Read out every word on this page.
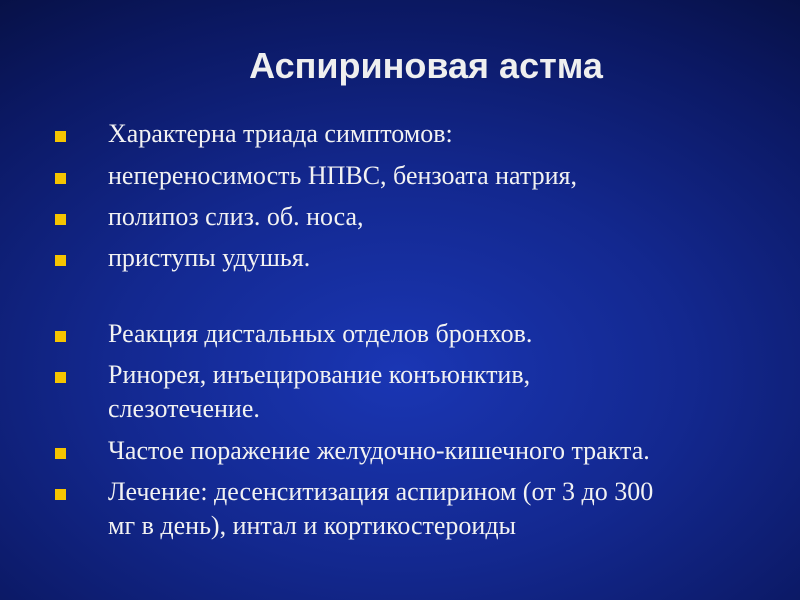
Аспириновая астма
Характерна триада симптомов:
непереносимость НПВС, бензоата натрия,
полипоз слиз. об. носа,
приступы удушья.
Реакция дистальных отделов бронхов.
Ринорея, инъецирование конъюнктив,
слезотечение.
Частое поражение желудочно-кишечного тракта.
Лечение: десенситизация аспирином (от 3 до 300
мг в день), интал и кортикостероиды
